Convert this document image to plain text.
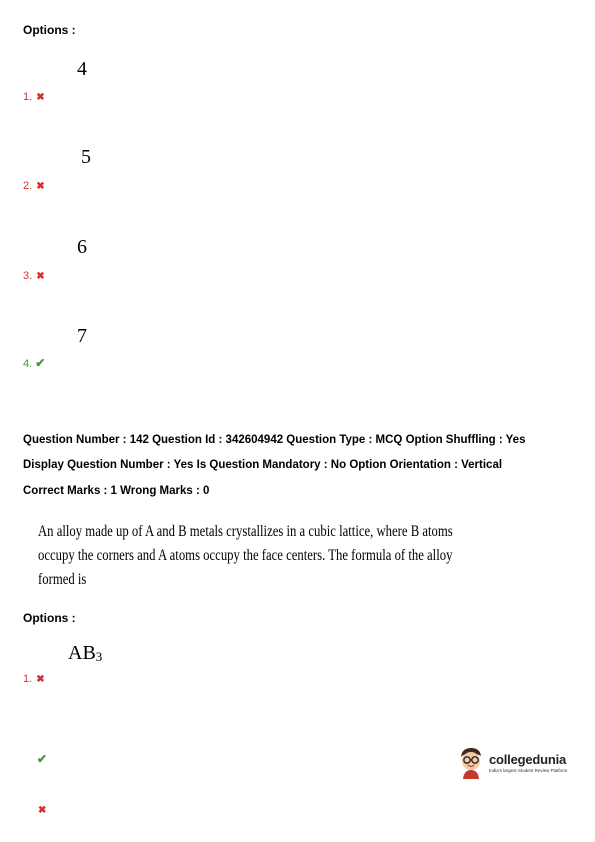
Options :
4
1. ✖
5
2. ✖
6
3. ✖
7
4. ✔
Question Number : 142 Question Id : 342604942 Question Type : MCQ Option Shuffling : Yes
Display Question Number : Yes Is Question Mandatory : No Option Orientation : Vertical
Correct Marks : 1 Wrong Marks : 0
An alloy made up of A and B metals crystallizes in a cubic lattice, where B atoms
occupy the corners and A atoms occupy the face centers. The formula of the alloy
formed is
Options :
$AB_3$
1. ✖
✔
✖
collegedunia
India's largest Student Review Platform
